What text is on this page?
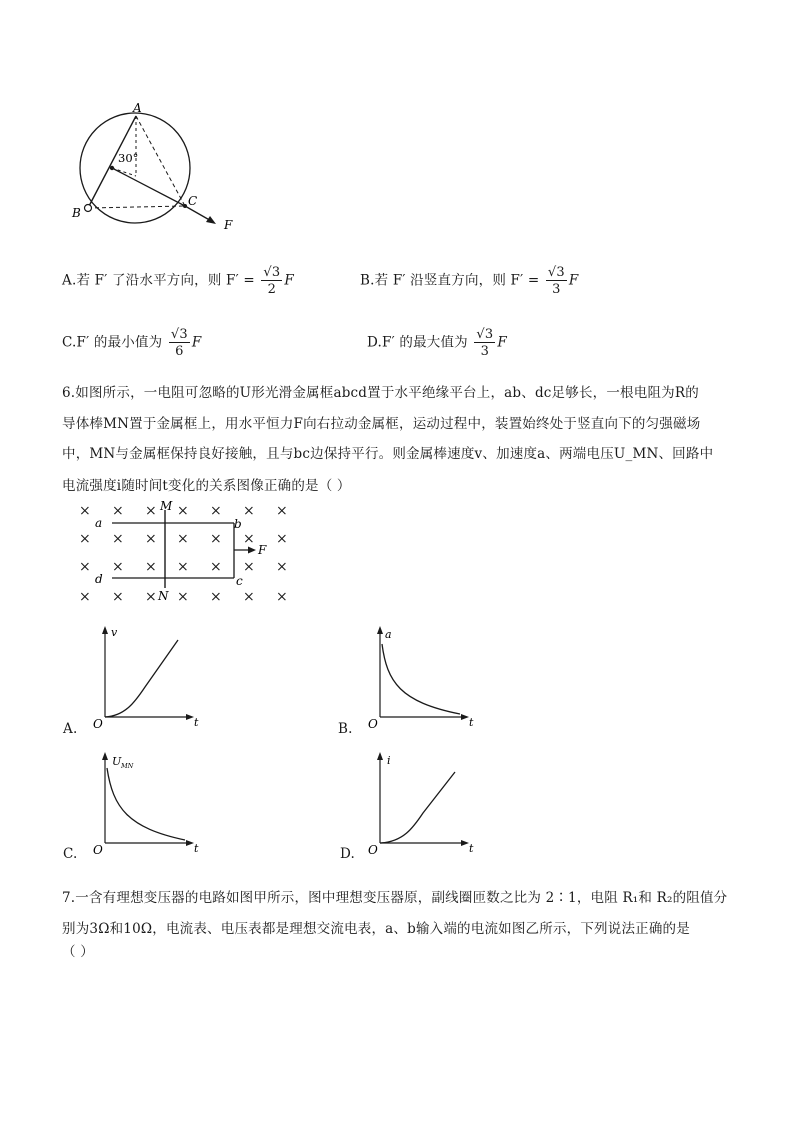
A
B
C
F
30°
A.若 F′ 了沿水平方向，则 $F' = \frac{√3}{2}$ F	B.若 F′ 沿竖直方向，则 $F' = \frac{√3}{3}$ F
C.F′ 的最小值为 $\frac{√3}{6}$ F	D.F′ 的最大值为 $\frac{√3}{3}$ F
6.如图所示，一电阻可忽略的U形光滑金属框abcd置于水平绝缘平台上，ab、dc足够长，一根电阻为R的
导体棒MN置于金属框上，用水平恒力F向右拉动金属框，运动过程中，装置始终处于竖直向下的匀强磁场
中，MN与金属框保持良好接触，且与bc边保持平行。则金属棒速度v、加速度a、两端电压U_MN、回路中
电流强度i随时间t变化的关系图像正确的是（ ）
× × × × × × ×
× × × × × × ×
× × × × × × ×
× × × × × × ×
a	b
c
d
M
N
F
A.
v
t
O	B.
a
t
O
C.
U MN
t
O	D.
i
t
O
7.一含有理想变压器的电路如图甲所示，图中理想变压器原，副线圈匝数之比为 2∶1，电阻 R₁和 R₂的阻值分
别为3Ω和10Ω，电流表、电压表都是理想交流电表，a、b输入端的电流如图乙所示，下列说法正确的是
（ ）
